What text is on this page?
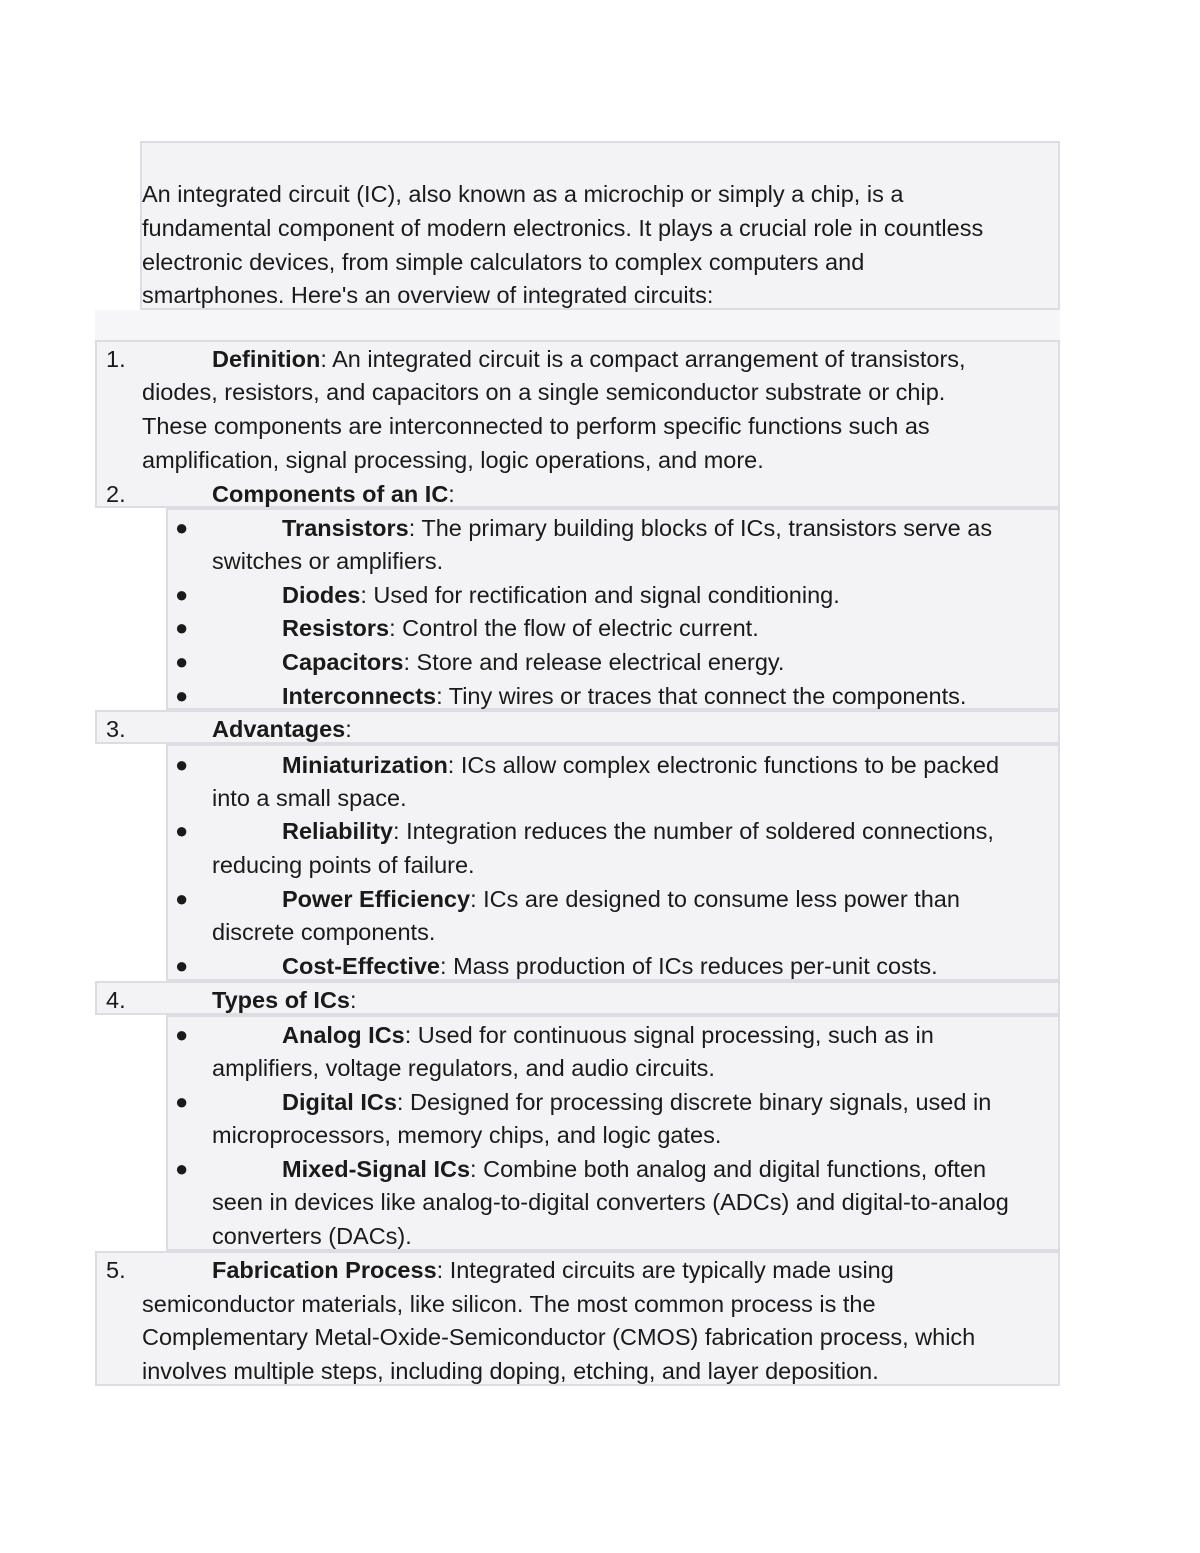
An integrated circuit (IC), also known as a microchip or simply a chip, is a
fundamental component of modern electronics. It plays a crucial role in countless
electronic devices, from simple calculators to complex computers and
smartphones. Here's an overview of integrated circuits:
1.	Definition: An integrated circuit is a compact arrangement of transistors,
diodes, resistors, and capacitors on a single semiconductor substrate or chip.
These components are interconnected to perform specific functions such as
amplification, signal processing, logic operations, and more.
2.	Components of an IC:
●	Transistors: The primary building blocks of ICs, transistors serve as
switches or amplifiers.
●	Diodes: Used for rectification and signal conditioning.
●	Resistors: Control the flow of electric current.
●	Capacitors: Store and release electrical energy.
●	Interconnects: Tiny wires or traces that connect the components.
3.	Advantages:
●	Miniaturization: ICs allow complex electronic functions to be packed
into a small space.
●	Reliability: Integration reduces the number of soldered connections,
reducing points of failure.
●	Power Efficiency: ICs are designed to consume less power than
discrete components.
●	Cost-Effective: Mass production of ICs reduces per-unit costs.
4.	Types of ICs:
●	Analog ICs: Used for continuous signal processing, such as in
amplifiers, voltage regulators, and audio circuits.
●	Digital ICs: Designed for processing discrete binary signals, used in
microprocessors, memory chips, and logic gates.
●	Mixed-Signal ICs: Combine both analog and digital functions, often
seen in devices like analog-to-digital converters (ADCs) and digital-to-analog
converters (DACs).
5.	Fabrication Process: Integrated circuits are typically made using
semiconductor materials, like silicon. The most common process is the
Complementary Metal-Oxide-Semiconductor (CMOS) fabrication process, which
involves multiple steps, including doping, etching, and layer deposition.
